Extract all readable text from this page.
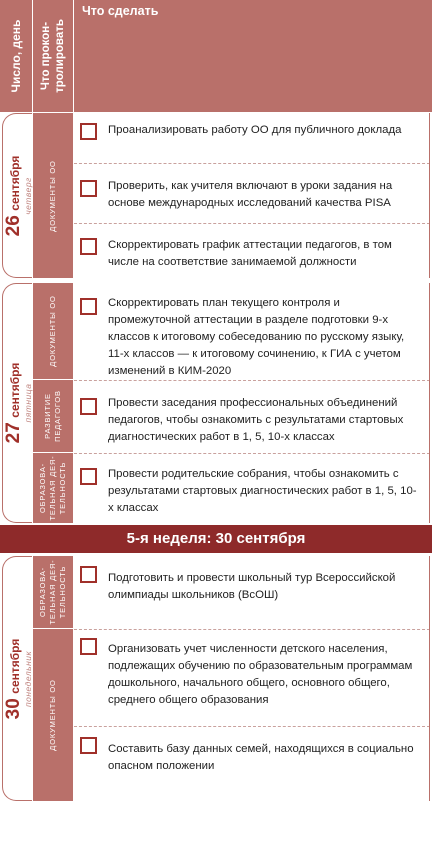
Число, день Что прокон-
тролировать
Что сделать
26 сентября четверг ДОКУМЕНТЫ ОО
Проанализировать работу ОО для публичного доклада
Проверить, как учителя включают в уроки задания на основе международных исследований качества PISA
Скорректировать график аттестации педагогов, в том числе на соответствие занимаемой должности
27 сентября пятница
ДОКУМЕНТЫ ОО
РАЗВИТИЕ
ПЕДАГОГОВ
ОБРАЗОВА-
ТЕЛЬНАЯ ДЕЯ-
ТЕЛЬНОСТЬ
Скорректировать план текущего контроля и промежуточной аттестации в разделе подготовки 9-х классов к итоговому собеседованию по русскому языку, 11-х классов — к итоговому сочинению, к ГИА с учетом изменений в КИМ-2020
Провести заседания профессиональных объединений педагогов, чтобы ознакомить с результатами стартовых диагностических работ в 1, 5, 10-х классах
Провести родительские собрания, чтобы ознакомить с результатами стартовых диагностических работ в 1, 5, 10-х классах
5-я неделя: 30 сентября
30 сентября понедельник
ОБРАЗОВА-
ТЕЛЬНАЯ ДЕЯ-
ТЕЛЬНОСТЬ
ДОКУМЕНТЫ ОО
Подготовить и провести школьный тур Всероссийской олимпиады школьников (ВсОШ)
Организовать учет численности детского населения, подлежащих обучению по образовательным программам дошкольного, начального общего, основного общего, среднего общего образования
Составить базу данных семей, находящихся в социально опасном положении
